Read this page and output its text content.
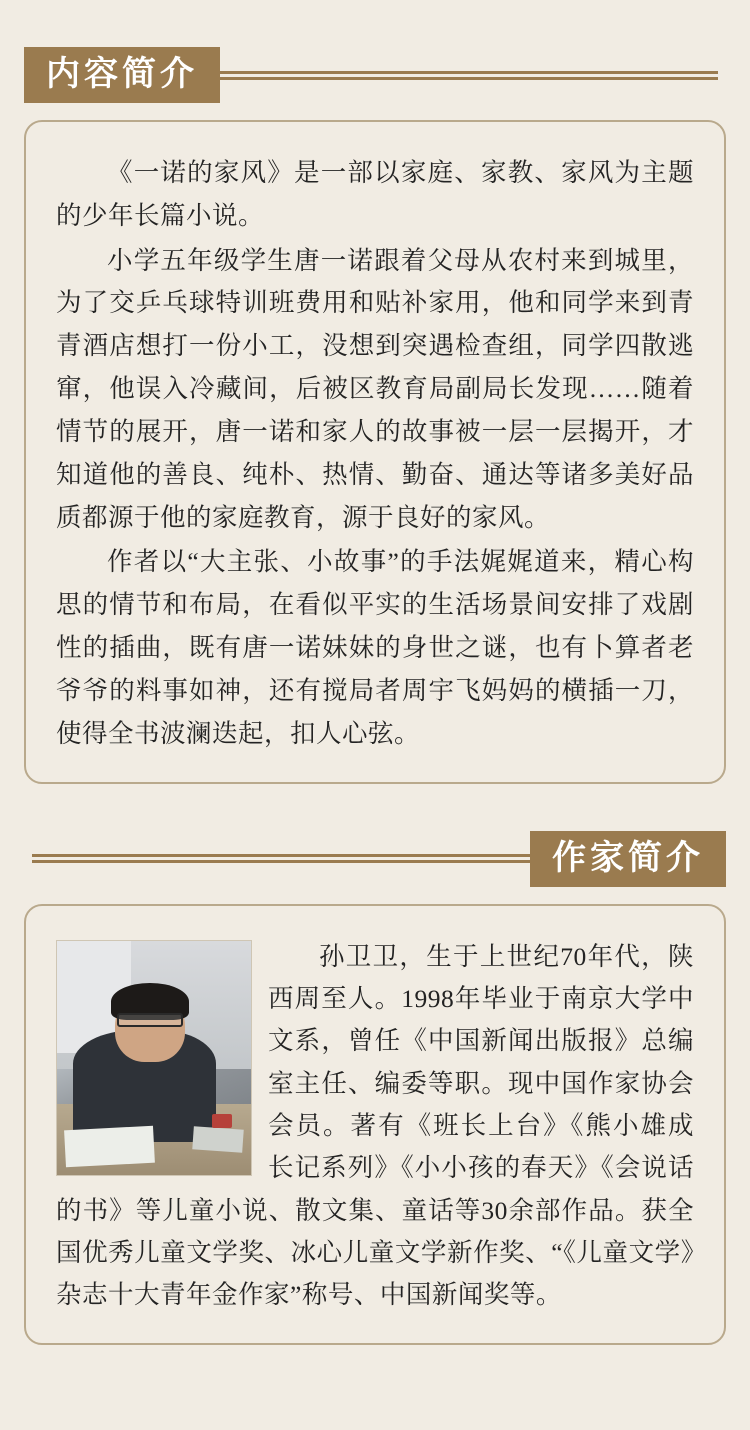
内容简介

《一诺的家风》是一部以家庭、家教、家风为主题的少年长篇小说。

小学五年级学生唐一诺跟着父母从农村来到城里，为了交乒乓球特训班费用和贴补家用，他和同学来到青青酒店想打一份小工，没想到突遇检查组，同学四散逃窜，他误入冷藏间，后被区教育局副局长发现……随着情节的展开，唐一诺和家人的故事被一层一层揭开，才知道他的善良、纯朴、热情、勤奋、通达等诸多美好品质都源于他的家庭教育，源于良好的家风。

作者以“大主张、小故事”的手法娓娓道来，精心构思的情节和布局，在看似平实的生活场景间安排了戏剧性的插曲，既有唐一诺妹妹的身世之谜，也有卜算者老爷爷的料事如神，还有搅局者周宇飞妈妈的横插一刀，使得全书波澜迭起，扣人心弦。

作家简介

孙卫卫，生于上世纪70年代，陕西周至人。1998年毕业于南京大学中文系，曾任《中国新闻出版报》总编室主任、编委等职。现中国作家协会会员。著有《班长上台》《熊小雄成长记系列》《小小孩的春天》《会说话的书》等儿童小说、散文集、童话等30余部作品。获全国优秀儿童文学奖、冰心儿童文学新作奖、“《儿童文学》杂志十大青年金作家”称号、中国新闻奖等。
